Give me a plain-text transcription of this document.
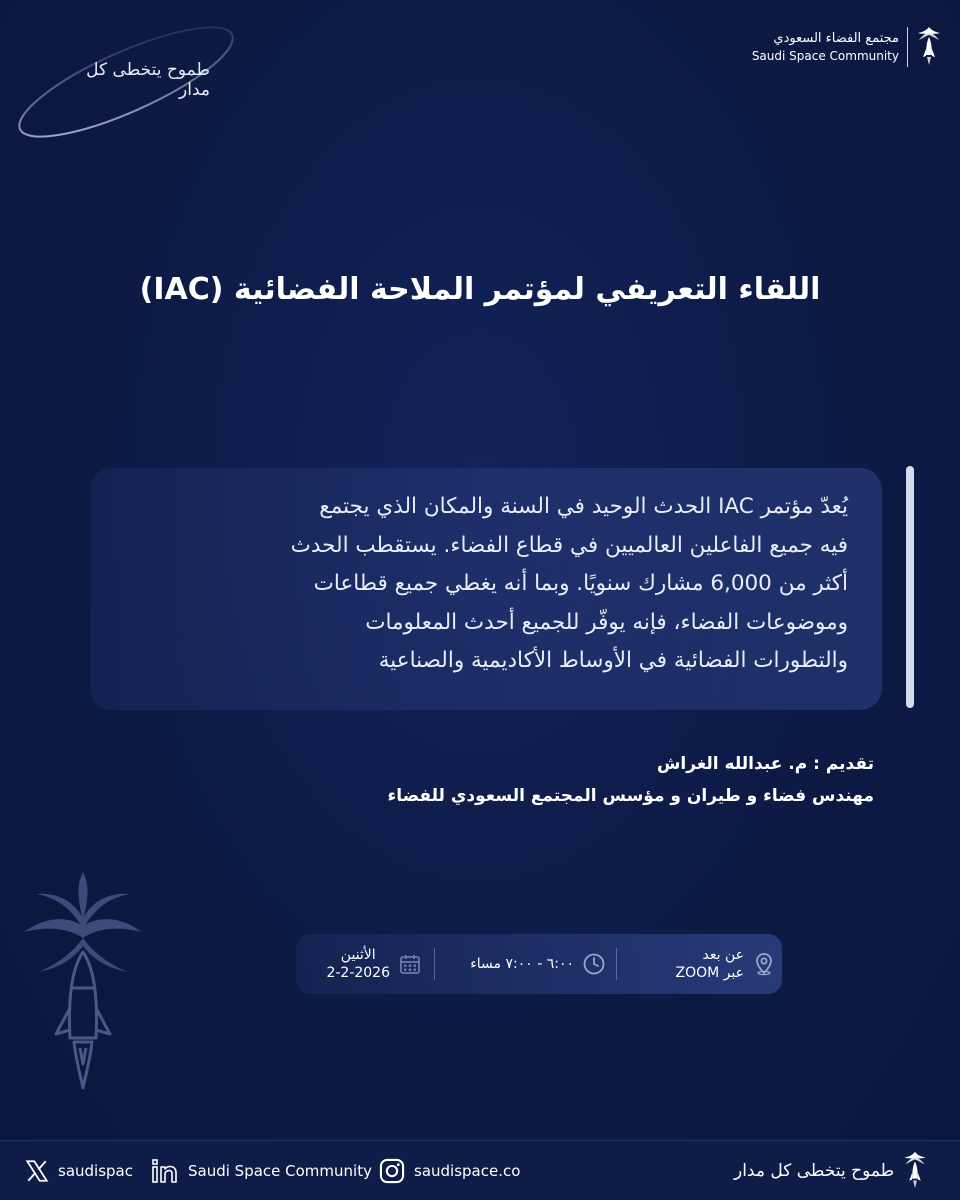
طموح يتخطى كل مدار
مجتمع الفضاء السعودي
Saudi Space Community
اللقاء التعريفي لمؤتمر الملاحة الفضائية (IAC)
يُعدّ مؤتمر IAC الحدث الوحيد في السنة والمكان الذي يجتمع
فيه جميع الفاعلين العالميين في قطاع الفضاء. يستقطب الحدث
أكثر من 6,000 مشارك سنويًا. وبما أنه يغطي جميع قطاعات
وموضوعات الفضاء، فإنه يوفّر للجميع أحدث المعلومات
والتطورات الفضائية في الأوساط الأكاديمية والصناعية
تقديم : م. عبدالله الغراش
مهندس فضاء و طيران و مؤسس المجتمع السعودي للفضاء
عن بعد
عبر ZOOM
٦:٠٠ - ٧:٠٠ مساء
الأثنين
2-2-2026
saudispac	Saudi Space Community	saudispace.co	طموح يتخطى كل مدار
